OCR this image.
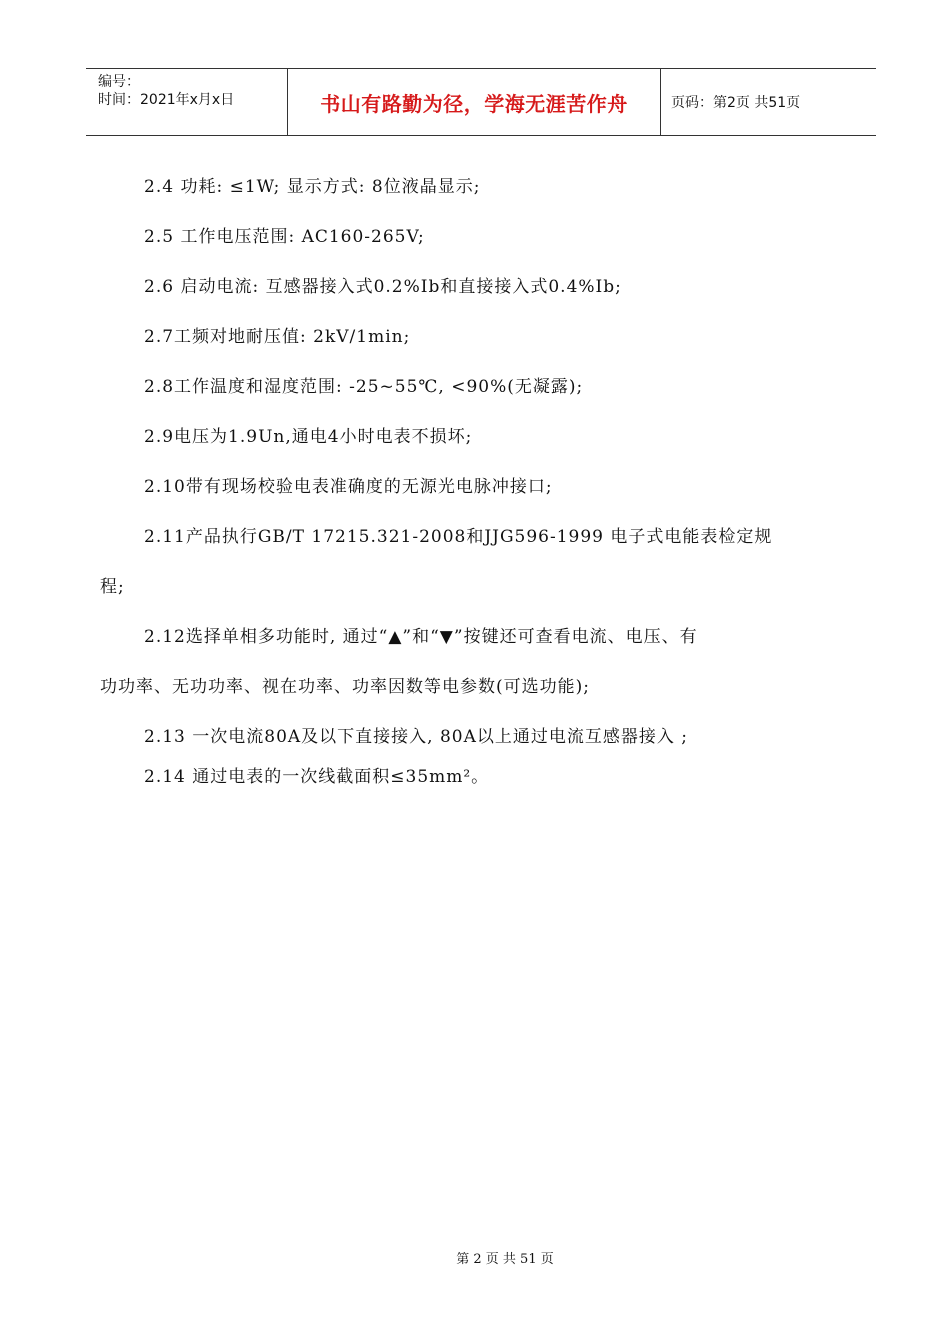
编号：
时间：2021年x月x日	书山有路勤为径，学海无涯苦作舟	页码：第2页 共51页
2.4 功耗: ≤1W; 显示方式: 8位液晶显示;
2.5 工作电压范围: AC160-265V;
2.6 启动电流: 互感器接入式0.2%Ib和直接接入式0.4%Ib;
2.7工频对地耐压值: 2kV/1min;
2.8工作温度和湿度范围: -25~55℃, <90%(无凝露);
2.9电压为1.9Un,通电4小时电表不损坏;
2.10带有现场校验电表准确度的无源光电脉冲接口;
2.11产品执行GB/T 17215.321-2008和JJG596-1999 电子式电能表检定规
程;
2.12选择单相多功能时, 通过“▲”和“▼”按键还可查看电流、电压、有
功功率、无功功率、视在功率、功率因数等电参数(可选功能);
2.13 一次电流80A及以下直接接入, 80A以上通过电流互感器接入 ;
2.14 通过电表的一次线截面积≤35mm²。
第 2 页 共 51 页
